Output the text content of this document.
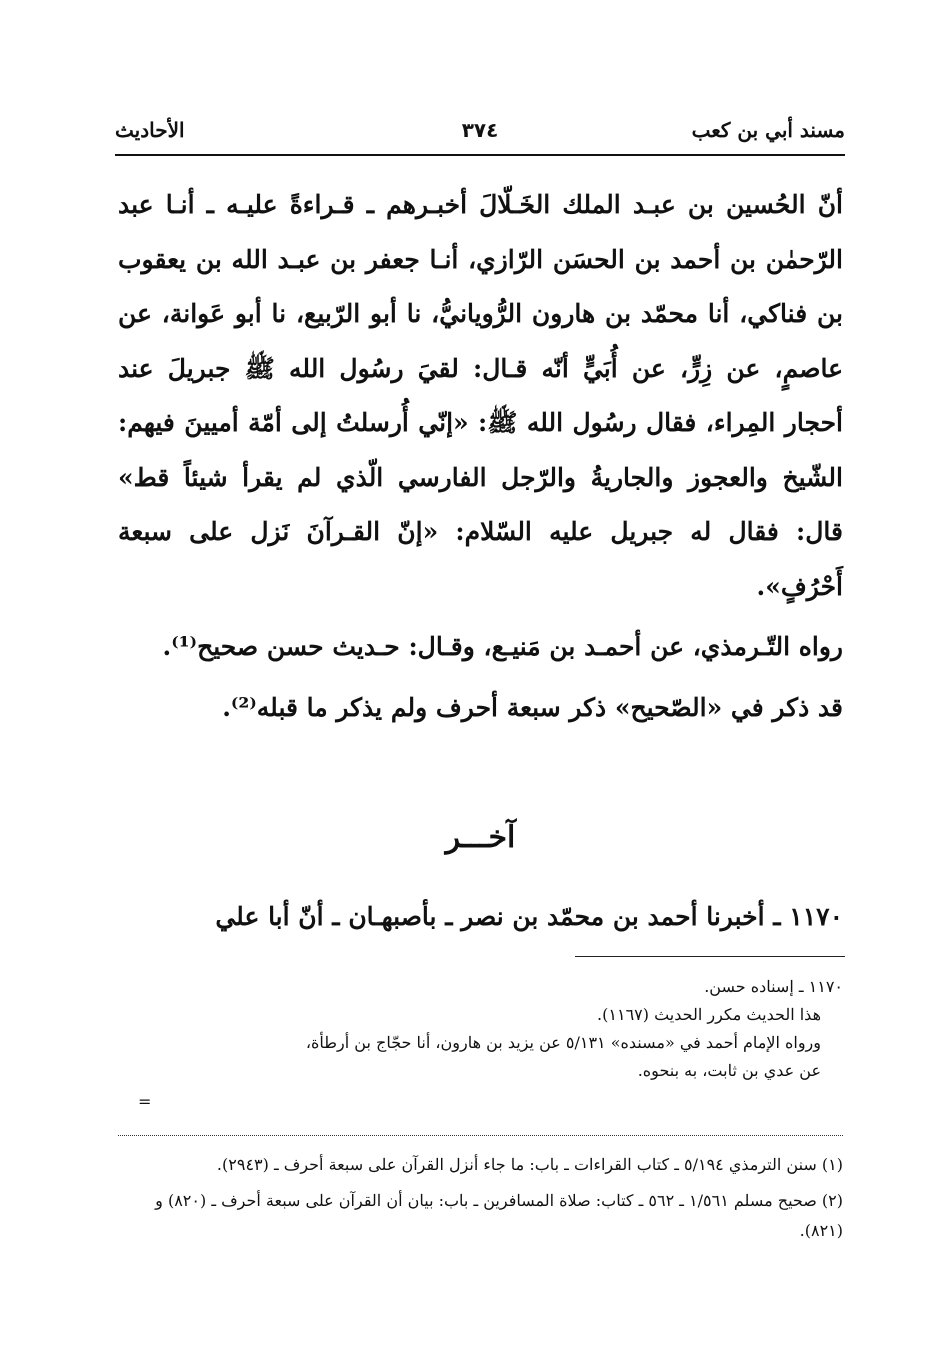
مسند أبي بن كعب
٣٧٤
الأحاديث

أنّ الحُسين بن عبـد الملك الخَـلّالَ أخبـرهم ـ قـراءةً عليـه ـ أنـا عبد الرّحمٰن بن أحمد بن الحسَن الرّازي، أنـا جعفر بن عبـد الله بن يعقوب بن فناكي، أنا محمّد بن هارون الرُّويانيُّ، نا أبو الرّبيع، نا أبو عَوانة، عن عاصمٍ، عن زِرٍّ، عن أُبَيٍّ أنّه قـال: لقيَ رسُول الله ﷺ جبريلَ عند أحجار المِراء، فقال رسُول الله ﷺ: «إنّي أُرسلتُ إلى أمّة أميينَ فيهم: الشّيخ والعجوز والجاريةُ والرّجل الفارسي الّذي لم يقرأ شيئاً قط» قال: فقال له جبريل عليه السّلام: «إنّ القـرآنَ نَزل على سبعة أَحْرُفٍ».

رواه التّـرمذي، عن أحمـد بن مَنيـع، وقـال: حـديث حسن صحيح⁽¹⁾.

قد ذكر في «الصّحيح» ذكر سبعة أحرف ولم يذكر ما قبله⁽²⁾.

آخـــر
١١٧٠ ـ أخبرنا أحمد بن محمّد بن نصر ـ بأصبهـان ـ أنّ أبا علي

١١٧٠ ـ إسناده حسن.

هذا الحديث مكرر الحديث (١١٦٧).

ورواه الإمام أحمد في «مسنده» ٥/١٣١ عن يزيد بن هارون، أنا حجّاج بن أرطأة،

عن عدي بن ثابت، به بنحوه.

=

(١) سنن الترمذي ٥/١٩٤ ـ كتاب القراءات ـ باب: ما جاء أنزل القرآن على سبعة أحرف ـ (٢٩٤٣).

(٢) صحيح مسلم ١/٥٦١ ـ ٥٦٢ ـ كتاب: صلاة المسافرين ـ باب: بيان أن القرآن على سبعة أحرف ـ (٨٢٠) و (٨٢١).
